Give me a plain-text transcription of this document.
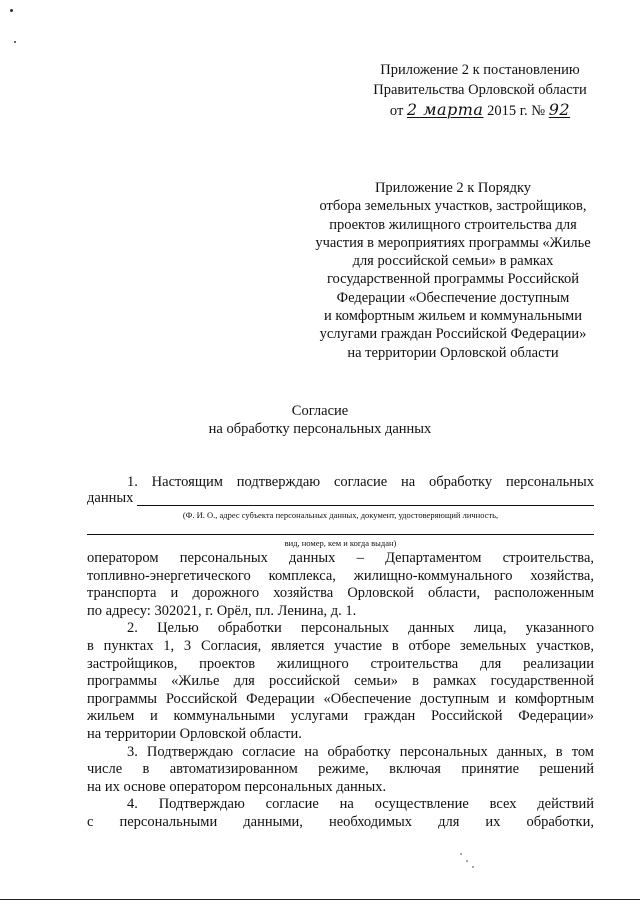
Приложение 2 к постановлению
Правительства Орловской области
от 2 марта 2015 г. № 92
Приложение 2 к Порядку
отбора земельных участков, застройщиков,
проектов жилищного строительства для
участия в мероприятиях программы «Жилье
для российской семьи» в рамках
государственной программы Российской
Федерации «Обеспечение доступным
и комфортным жильем и коммунальными
услугами граждан Российской Федерации»
на территории Орловской области
Согласие
на обработку персональных данных
1. Настоящим подтверждаю согласие на обработку персональных
данных
(Ф. И. О., адрес субъекта персональных данных, документ, удостоверяющий личность,
вид, номер, кем и когда выдан)
оператором персональных данных – Департаментом строительства,
топливно-энергетического комплекса, жилищно-коммунального хозяйства,
транспорта и дорожного хозяйства Орловской области, расположенным
по адресу: 302021, г. Орёл, пл. Ленина, д. 1.
2. Целью обработки персональных данных лица, указанного
в пунктах 1, 3 Согласия, является участие в отборе земельных участков,
застройщиков, проектов жилищного строительства для реализации
программы «Жилье для российской семьи» в рамках государственной
программы Российской Федерации «Обеспечение доступным и комфортным
жильем и коммунальными услугами граждан Российской Федерации»
на территории Орловской области.
3. Подтверждаю согласие на обработку персональных данных, в том
числе в автоматизированном режиме, включая принятие решений
на их основе оператором персональных данных.
4. Подтверждаю согласие на осуществление всех действий
с персональными данными, необходимых для их обработки,
